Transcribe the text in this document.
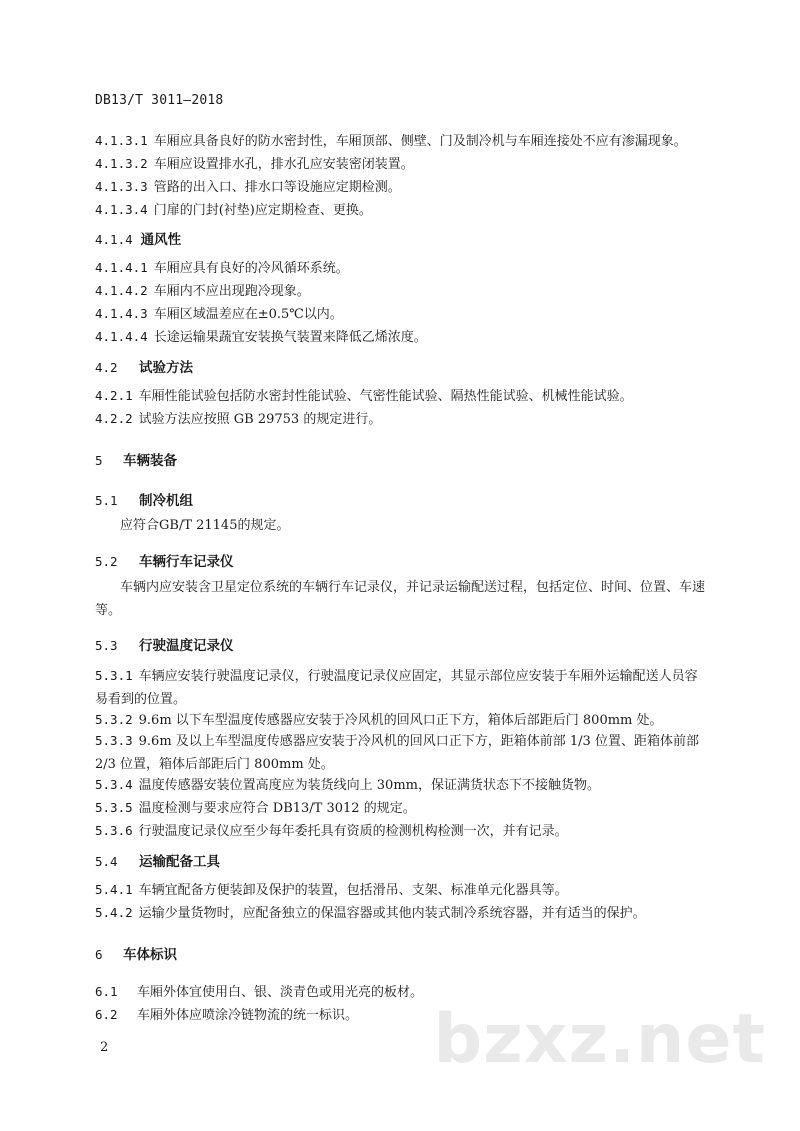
DB13/T 3011—2018
4.1.3.1 车厢应具备良好的防水密封性，车厢顶部、侧壁、门及制冷机与车厢连接处不应有渗漏现象。
4.1.3.2 车厢应设置排水孔，排水孔应安装密闭装置。
4.1.3.3 管路的出入口、排水口等设施应定期检测。
4.1.3.4 门扉的门封(衬垫)应定期检查、更换。
4.1.4 通风性
4.1.4.1 车厢应具有良好的冷风循环系统。
4.1.4.2 车厢内不应出现跑冷现象。
4.1.4.3 车厢区域温差应在±0.5℃以内。
4.1.4.4 长途运输果蔬宜安装换气装置来降低乙烯浓度。
4.2 试验方法
4.2.1 车厢性能试验包括防水密封性能试验、气密性能试验、隔热性能试验、机械性能试验。
4.2.2 试验方法应按照 GB 29753 的规定进行。
5 车辆装备
5.1 制冷机组
应符合GB/T 21145的规定。
5.2 车辆行车记录仪
车辆内应安装含卫星定位系统的车辆行车记录仪，并记录运输配送过程，包括定位、时间、位置、车速等。
5.3 行驶温度记录仪
5.3.1 车辆应安装行驶温度记录仪，行驶温度记录仪应固定，其显示部位应安装于车厢外运输配送人员容易看到的位置。
5.3.2 9.6m 以下车型温度传感器应安装于冷风机的回风口正下方，箱体后部距后门 800mm 处。
5.3.3 9.6m 及以上车型温度传感器应安装于冷风机的回风口正下方，距箱体前部 1/3 位置、距箱体前部 2/3 位置，箱体后部距后门 800mm 处。
5.3.4 温度传感器安装位置高度应为装货线向上 30mm，保证满货状态下不接触货物。
5.3.5 温度检测与要求应符合 DB13/T 3012 的规定。
5.3.6 行驶温度记录仪应至少每年委托具有资质的检测机构检测一次，并有记录。
5.4 运输配备工具
5.4.1 车辆宜配备方便装卸及保护的装置，包括滑吊、支架、标准单元化器具等。
5.4.2 运输少量货物时，应配备独立的保温容器或其他内装式制冷系统容器，并有适当的保护。
6 车体标识
6.1 车厢外体宜使用白、银、淡青色或用光亮的板材。
6.2 车厢外体应喷涂冷链物流的统一标识。	bzxz.net
2
